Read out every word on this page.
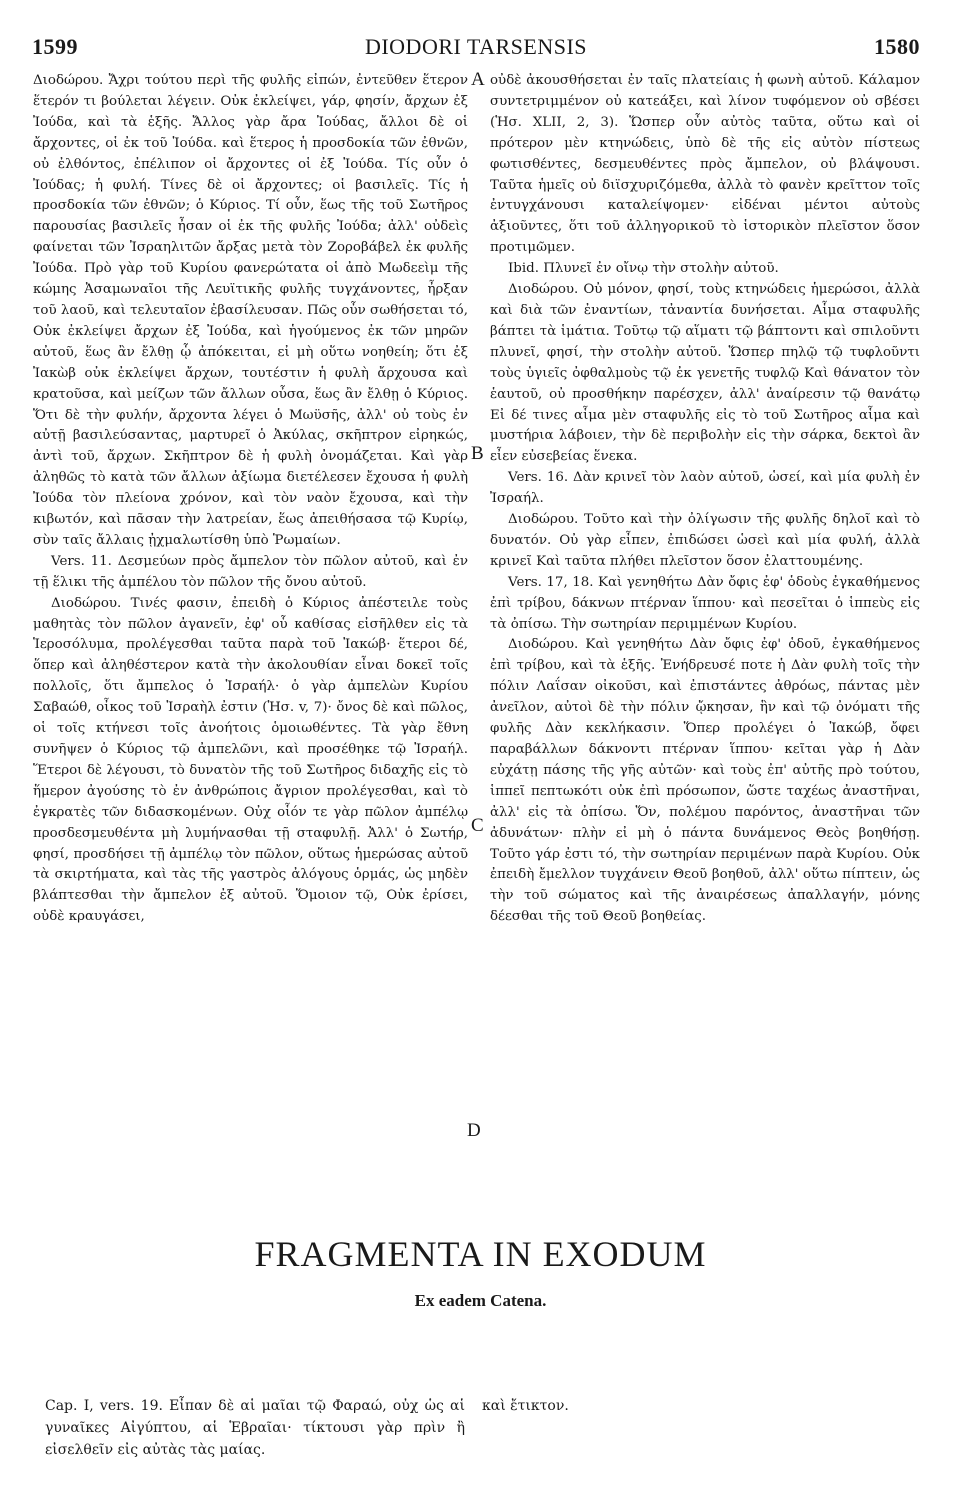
1599	DIODORI TARSENSIS	1580

Διοδώρου. Ἄχρι τούτου περὶ τῆς φυλῆς εἰπών, ἐντεῦθεν ἕτερον ἕτερόν τι βούλεται λέγειν. Οὐκ ἐκλείψει, γάρ, φησίν, ἄρχων ἐξ Ἰούδα, καὶ τὰ ἑξῆς. Ἄλλος γὰρ ἄρα Ἰούδας, ἄλλοι δὲ οἱ ἄρχοντες, οἱ ἐκ τοῦ Ἰούδα. καὶ ἕτερος ἡ προσδοκία τῶν ἐθνῶν, οὐ ἐλθόντος, ἐπέλιπον οἱ ἄρχοντες οἱ ἐξ Ἰούδα. Τίς οὖν ὁ Ἰούδας; ἡ φυλή. Τίνες δὲ οἱ ἄρχοντες; οἱ βασιλεῖς. Τίς ἡ προσδοκία τῶν ἐθνῶν; ὁ Κύριος. Τί οὖν, ἕως τῆς τοῦ Σωτῆρος παρουσίας βασιλεῖς ἦσαν οἱ ἐκ τῆς φυλῆς Ἰούδα; ἀλλ' οὐδεὶς φαίνεται τῶν Ἰσραηλιτῶν ἄρξας μετὰ τὸν Ζοροβάβελ ἐκ φυλῆς Ἰούδα. Πρὸ γὰρ τοῦ Κυρίου φανερώτατα οἱ ἀπὸ Μωδεεὶμ τῆς κώμης Ἀσαμωναῖοι τῆς Λευϊτικῆς φυλῆς τυγχάνοντες, ἦρξαν τοῦ λαοῦ, καὶ τελευταῖον ἐβασίλευσαν. Πῶς οὖν σωθήσεται τό, Οὐκ ἐκλείψει ἄρχων ἐξ Ἰούδα, καὶ ἡγούμενος ἐκ τῶν μηρῶν αὐτοῦ, ἕως ἂν ἔλθῃ ᾧ ἀπόκειται, εἰ μὴ οὕτω νοηθείη; ὅτι ἐξ Ἰακὼβ οὐκ ἐκλείψει ἄρχων, τουτέστιν ἡ φυλὴ ἄρχουσα καὶ κρατοῦσα, καὶ μείζων τῶν ἄλλων οὖσα, ἕως ἂν ἔλθῃ ὁ Κύριος. Ὅτι δὲ τὴν φυλήν, ἄρχοντα λέγει ὁ Μωϋσῆς, ἀλλ' οὐ τοὺς ἐν αὐτῇ βασιλεύσαντας, μαρτυρεῖ ὁ Ἀκύλας, σκῆπτρον εἰρηκώς, ἀντὶ τοῦ, ἄρχων. Σκῆπτρον δὲ ἡ φυλὴ ὀνομάζεται. Καὶ γὰρ ἀληθῶς τὸ κατὰ τῶν ἄλλων ἀξίωμα διετέλεσεν ἔχουσα ἡ φυλὴ Ἰούδα τὸν πλείονα χρόνον, καὶ τὸν ναὸν ἔχουσα, καὶ τὴν κιβωτόν, καὶ πᾶσαν τὴν λατρείαν, ἕως ἀπειθήσασα τῷ Κυρίῳ, σὺν ταῖς ἄλλαις ᾐχμαλωτίσθη ὑπὸ Ῥωμαίων.

Vers. 11. Δεσμεύων πρὸς ἄμπελον τὸν πῶλον αὐτοῦ, καὶ ἐν τῇ ἕλικι τῆς ἀμπέλου τὸν πῶλον τῆς ὄνου αὐτοῦ.

Διοδώρου. Τινές φασιν, ἐπειδὴ ὁ Κύριος ἀπέστειλε τοὺς μαθητὰς τὸν πῶλον ἀγανεῖν, ἐφ' οὗ καθίσας εἰσῆλθεν εἰς τὰ Ἱεροσόλυμα, προλέγεσθαι ταῦτα παρὰ τοῦ Ἰακώβ· ἕτεροι δέ, ὅπερ καὶ ἀληθέστερον κατὰ τὴν ἀκολουθίαν εἶναι δοκεῖ τοῖς πολλοῖς, ὅτι ἄμπελος ὁ Ἰσραήλ· ὁ γὰρ ἀμπελὼν Κυρίου Σαβαώθ, οἶκος τοῦ Ἰσραὴλ ἐστιν (Ἡσ. v, 7)· ὄνος δὲ καὶ πῶλος, οἱ τοῖς κτήνεσι τοῖς ἀνοήτοις ὁμοιωθέντες. Τὰ γὰρ ἔθνη συνῆψεν ὁ Κύριος τῷ ἀμπελῶνι, καὶ προσέθηκε τῷ Ἰσραήλ. Ἕτεροι δὲ λέγουσι, τὸ δυνατὸν τῆς τοῦ Σωτῆρος διδαχῆς εἰς τὸ ἥμερον ἀγούσης τὸ ἐν ἀνθρώποις ἄγριον προλέγεσθαι, καὶ τὸ ἐγκρατὲς τῶν διδασκομένων. Οὐχ οἷόν τε γὰρ πῶλον ἀμπέλῳ προσδεσμευθέντα μὴ λυμήνασθαι τῇ σταφυλῇ. Ἀλλ' ὁ Σωτήρ, φησί, προσδήσει τῇ ἀμπέλῳ τὸν πῶλον, οὕτως ἡμερώσας αὐτοῦ τὰ σκιρτήματα, καὶ τὰς τῆς γαστρὸς ἀλόγους ὁρμάς, ὡς μηδὲν βλάπτεσθαι τὴν ἄμπελον ἐξ αὐτοῦ. Ὅμοιον τῷ, Οὐκ ἐρίσει, οὐδὲ κραυγάσει,

A
B
C
D

οὐδὲ ἀκουσθήσεται ἐν ταῖς πλατείαις ἡ φωνὴ αὐτοῦ. Κάλαμον συντετριμμένον οὐ κατεάξει, καὶ λίνον τυφόμενον οὐ σβέσει (Ἡσ. XLII, 2, 3). Ὥσπερ οὖν αὐτὸς ταῦτα, οὕτω καὶ οἱ πρότερον μὲν κτηνώδεις, ὑπὸ δὲ τῆς εἰς αὐτὸν πίστεως φωτισθέντες, δεσμευθέντες πρὸς ἄμπελον, οὐ βλάψουσι. Ταῦτα ἡμεῖς οὐ διϊσχυριζόμεθα, ἀλλὰ τὸ φανὲν κρεῖττον τοῖς ἐντυγχάνουσι καταλείψομεν· εἰδέναι μέντοι αὐτοὺς ἀξιοῦντες, ὅτι τοῦ ἀλληγορικοῦ τὸ ἱστορικὸν πλεῖστον ὅσον προτιμῶμεν.

Ibid. Πλυνεῖ ἐν οἴνῳ τὴν στολὴν αὐτοῦ.

Διοδώρου. Οὐ μόνον, φησί, τοὺς κτηνώδεις ἡμερώσοι, ἀλλὰ καὶ διὰ τῶν ἐναντίων, τἀναντία δυνήσεται. Αἷμα σταφυλῆς βάπτει τὰ ἱμάτια. Τοῦτῳ τῷ αἵματι τῷ βάπτοντι καὶ σπιλοῦντι πλυνεῖ, φησί, τὴν στολὴν αὐτοῦ. Ὥσπερ πηλῷ τῷ τυφλοῦντι τοὺς ὑγιεῖς ὀφθαλμοὺς τῷ ἐκ γενετῆς τυφλῷ Καὶ θάνατον τὸν ἑαυτοῦ, οὐ προσθήκην παρέσχεν, ἀλλ' ἀναίρεσιν τῷ θανάτῳ Εἰ δέ τινες αἷμα μὲν σταφυλῆς εἰς τὸ τοῦ Σωτῆρος αἷμα καὶ μυστήρια λάβοιεν, τὴν δὲ περιβολὴν εἰς τὴν σάρκα, δεκτοὶ ἂν εἶεν εὐσεβείας ἕνεκα.

Vers. 16. Δὰν κρινεῖ τὸν λαὸν αὐτοῦ, ὡσεί, καὶ μία φυλὴ ἐν Ἰσραήλ.

Διοδώρου. Τοῦτο καὶ τὴν ὀλίγωσιν τῆς φυλῆς δηλοῖ καὶ τὸ δυνατόν. Οὐ γὰρ εἶπεν, ἐπιδώσει ὡσεὶ καὶ μία φυλή, ἀλλὰ κρινεῖ Καὶ ταῦτα πλήθει πλεῖστον ὅσον ἐλαττουμένης.

Vers. 17, 18. Καὶ γενηθήτω Δὰν ὄφις ἐφ' ὁδοὺς ἐγκαθήμενος ἐπὶ τρίβου, δάκνων πτέρναν ἵππου· καὶ πεσεῖται ὁ ἱππεὺς εἰς τὰ ὀπίσω. Τὴν σωτηρίαν περιμμένων Κυρίου.

Διοδώρου. Καὶ γενηθήτω Δὰν ὄφις ἐφ' ὁδοῦ, ἐγκαθήμενος ἐπὶ τρίβου, καὶ τὰ ἑξῆς. Ἐνήδρευσέ ποτε ἡ Δὰν φυλὴ τοῖς τὴν πόλιν Λαΐσαν οἰκοῦσι, καὶ ἐπιστάντες ἀθρόως, πάντας μὲν ἀνεῖλον, αὐτοὶ δὲ τὴν πόλιν ᾤκησαν, ἣν καὶ τῷ ὀνόματι τῆς φυλῆς Δὰν κεκλήκασιν. Ὅπερ προλέγει ὁ Ἰακώβ, ὄφει παραβάλλων δάκνοντι πτέρναν ἵππου· κεῖται γὰρ ἡ Δὰν εὐχάτῃ πάσης τῆς γῆς αὐτῶν· καὶ τοὺς ἐπ' αὐτῆς πρὸ τούτου, ἱππεῖ πεπτωκότι οὐκ ἐπὶ πρόσωπον, ὥστε ταχέως ἀναστῆναι, ἀλλ' εἰς τὰ ὀπίσω. Ὅν, πολέμου παρόντος, ἀναστῆναι τῶν ἀδυνάτων· πλὴν εἰ μὴ ὁ πάντα δυνάμενος Θεὸς βοηθήσῃ. Τοῦτο γάρ ἐστι τό, τὴν σωτηρίαν περιμένων παρὰ Κυρίου. Οὐκ ἐπειδὴ ἔμελλον τυγχάνειν Θεοῦ βοηθοῦ, ἀλλ' οὕτω πίπτειν, ὡς τὴν τοῦ σώματος καὶ τῆς ἀναιρέσεως ἀπαλλαγήν, μόνης δέεσθαι τῆς τοῦ Θεοῦ βοηθείας.

FRAGMENTA IN EXODUM
Ex eadem Catena.

Cap. I, vers. 19. Εἶπαν δὲ αἱ μαῖαι τῷ Φαραώ, οὐχ ὡς αἱ γυναῖκες Αἰγύπτου, αἱ Ἑβραῖαι· τίκτουσι γὰρ πρὶν ἢ εἰσελθεῖν εἰς αὐτὰς τὰς μαίας.

καὶ ἔτικτον.
